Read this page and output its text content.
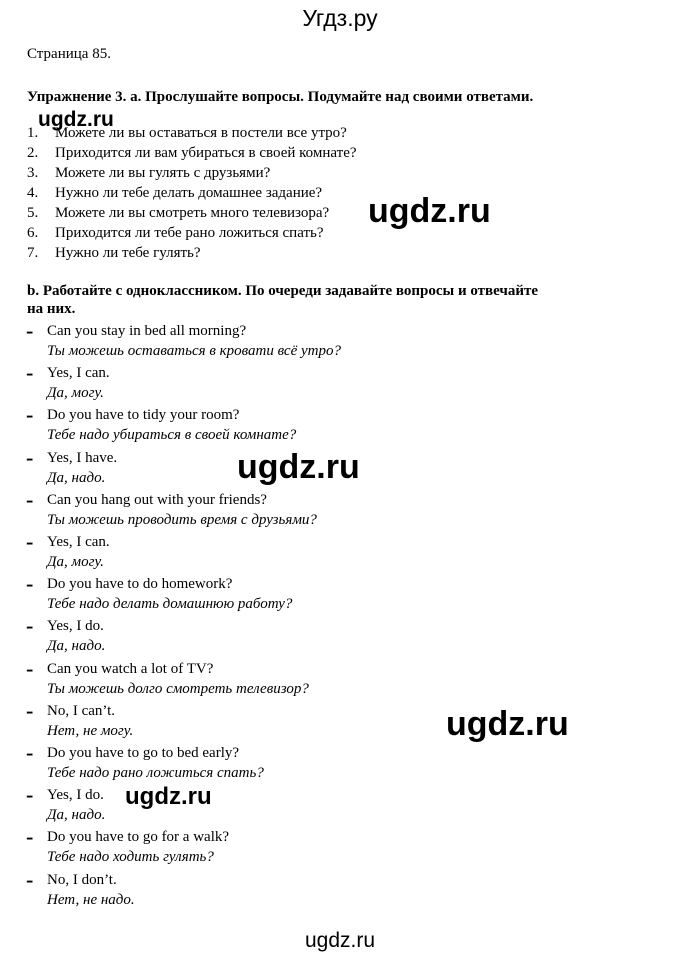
Угдз.ру
Страница 85.
Упражнение 3. a. Прослушайте вопросы. Подумайте над своими ответами.
1. Можете ли вы оставаться в постели все утро?
2. Приходится ли вам убираться в своей комнате?
3. Можете ли вы гулять с друзьями?
4. Нужно ли тебе делать домашнее задание?
5. Можете ли вы смотреть много телевизора?
6. Приходится ли тебе рано ложиться спать?
7. Нужно ли тебе гулять?
b. Работайте с одноклассником. По очереди задавайте вопросы и отвечайте
на них.
- Can you stay in bed all morning?
Ты можешь оставаться в кровати всё утро?
- Yes, I can.
Да, могу.
- Do you have to tidy your room?
Тебе надо убираться в своей комнате?
- Yes, I have.
Да, надо.
- Can you hang out with your friends?
Ты можешь проводить время с друзьями?
- Yes, I can.
Да, могу.
- Do you have to do homework?
Тебе надо делать домашнюю работу?
- Yes, I do.
Да, надо.
- Can you watch a lot of TV?
Ты можешь долго смотреть телевизор?
- No, I can’t.
Нет, не могу.
- Do you have to go to bed early?
Тебе надо рано ложиться спать?
- Yes, I do.
Да, надо.
- Do you have to go for a walk?
Тебе надо ходить гулять?
- No, I don’t.
Нет, не надо.
ugdz.ru
ugdz.ru
ugdz.ru
ugdz.ru
ugdz.ru
ugdz.ru
